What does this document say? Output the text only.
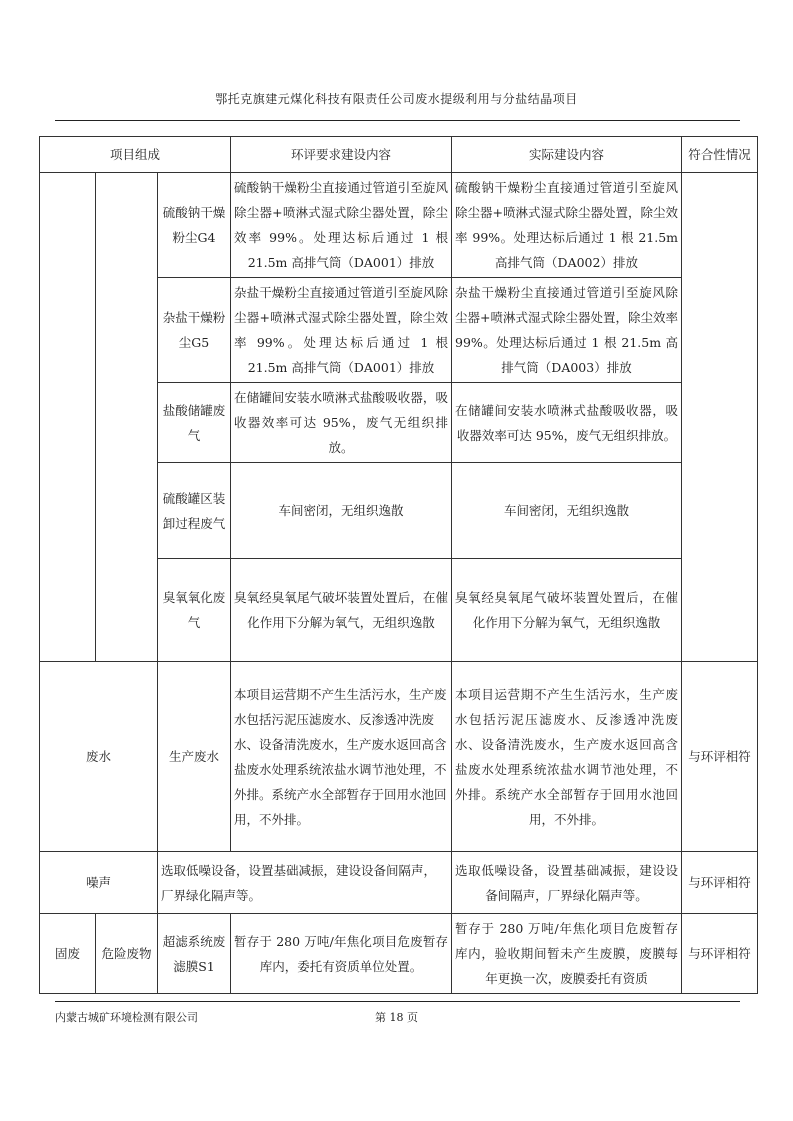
鄂托克旗建元煤化科技有限责任公司废水提级利用与分盐结晶项目
项目组成			环评要求建设内容	实际建设内容	符合性情况
		硫酸钠干燥粉尘G4	硫酸钠干燥粉尘直接通过管道引至旋风除尘器+喷淋式湿式除尘器处置，除尘效率 99%。处理达标后通过 1 根 21.5m 高排气筒（DA001）排放	硫酸钠干燥粉尘直接通过管道引至旋风除尘器+喷淋式湿式除尘器处置，除尘效率 99%。处理达标后通过 1 根 21.5m 高排气筒（DA002）排放	
		杂盐干燥粉尘G5	杂盐干燥粉尘直接通过管道引至旋风除尘器+喷淋式湿式除尘器处置，除尘效率 99%。处理达标后通过 1 根 21.5m 高排气筒（DA001）排放	杂盐干燥粉尘直接通过管道引至旋风除尘器+喷淋式湿式除尘器处置，除尘效率 99%。处理达标后通过 1 根 21.5m 高排气筒（DA003）排放	
		盐酸储罐废气	在储罐间安装水喷淋式盐酸吸收器，吸收器效率可达 95%，废气无组织排放。	在储罐间安装水喷淋式盐酸吸收器，吸收器效率可达 95%，废气无组织排放。	
		硫酸罐区装卸过程废气	车间密闭，无组织逸散	车间密闭，无组织逸散	
		臭氧氧化废气	臭氧经臭氧尾气破坏装置处置后，在催化作用下分解为氧气，无组织逸散	臭氧经臭氧尾气破坏装置处置后，在催化作用下分解为氧气，无组织逸散	
废水		生产废水	本项目运营期不产生生活污水，生产废水包括污泥压滤废水、反渗透冲洗废水、设备清洗废水，生产废水返回高含盐废水处理系统浓盐水调节池处理，不外排。系统产水全部暂存于回用水池回用，不外排。	本项目运营期不产生生活污水，生产废水包括污泥压滤废水、反渗透冲洗废水、设备清洗废水，生产废水返回高含盐废水处理系统浓盐水调节池处理，不外排。系统产水全部暂存于回用水池回用，不外排。	与环评相符
噪声		选取低噪设备，设置基础减振，建设设备间隔声，厂界绿化隔声等。		选取低噪设备，设置基础减振，建设设备间隔声，厂界绿化隔声等。	与环评相符
固废	危险废物	超滤系统废滤膜S1	暂存于 280 万吨/年焦化项目危废暂存库内，委托有资质单位处置。	暂存于 280 万吨/年焦化项目危废暂存库内，验收期间暂未产生废膜，废膜每年更换一次，废膜委托有资质	与环评相符
内蒙古城矿环境检测有限公司	第 18 页
